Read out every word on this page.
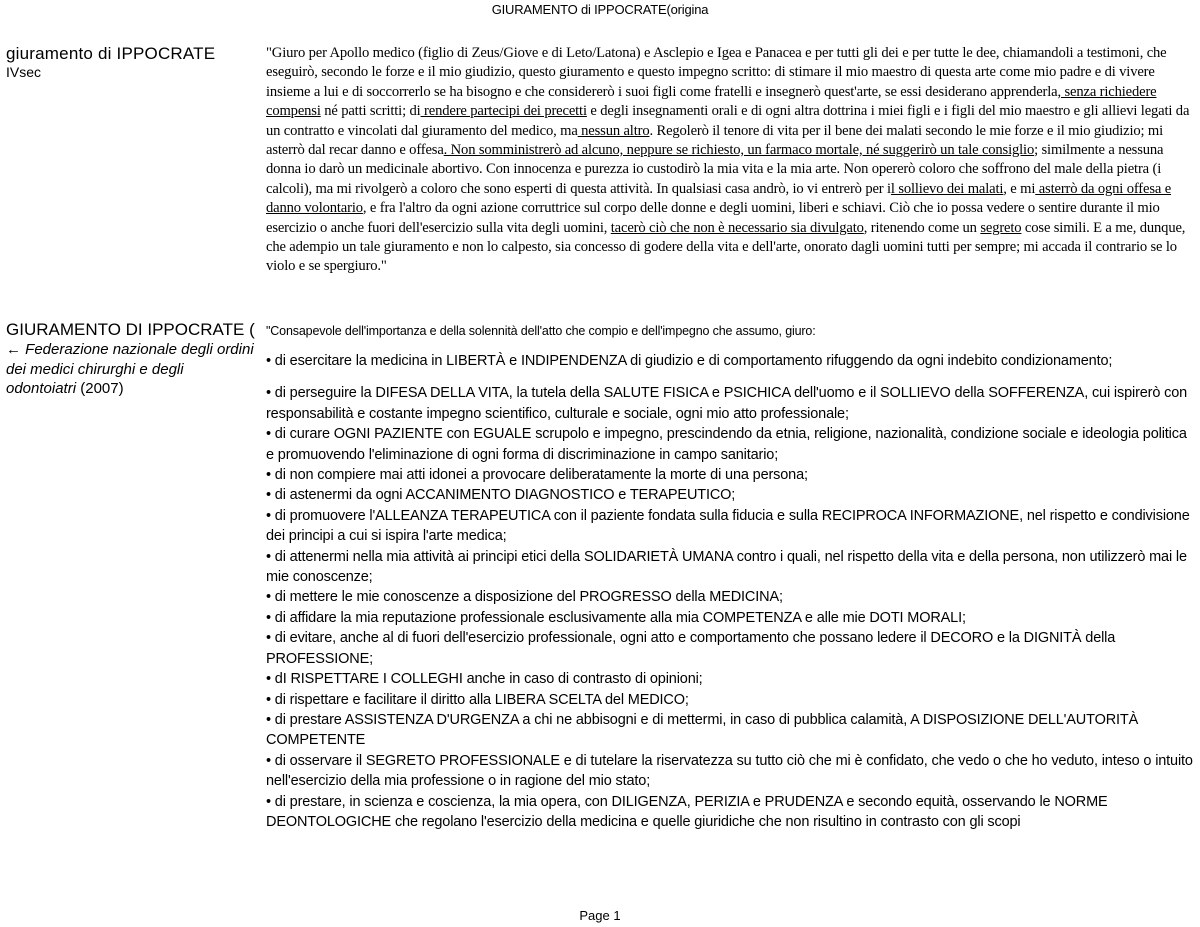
GIURAMENTO di IPPOCRATE(origina
giuramento di IPPOCRATE
IVsec
"Giuro per Apollo medico (figlio di Zeus/Giove e di Leto/Latona) e Asclepio e Igea e Panacea e per tutti gli dei e per tutte le dee, chiamandoli a testimoni, che eseguirò, secondo le forze e il mio giudizio, questo giuramento e questo impegno scritto: di stimare il mio maestro di questa arte come mio padre e di vivere insieme a lui e di soccorrerlo se ha bisogno e che considererò i suoi figli come fratelli e insegnerò quest'arte, se essi desiderano apprenderla, senza richiedere compensi né patti scritti; di rendere partecipi dei precetti e degli insegnamenti orali e di ogni altra dottrina i miei figli e i figli del mio maestro e gli allievi legati da un contratto e vincolati dal giuramento del medico, ma nessun altro. Regolerò il tenore di vita per il bene dei malati secondo le mie forze e il mio giudizio; mi asterrò dal recar danno e offesa. Non somministrerò ad alcuno, neppure se richiesto, un farmaco mortale, né suggerirò un tale consiglio; similmente a nessuna donna io darò un medicinale abortivo. Con innocenza e purezza io custodirò la mia vita e la mia arte. Non opererò coloro che soffrono del male della pietra (i calcoli), ma mi rivolgerò a coloro che sono esperti di questa attività. In qualsiasi casa andrò, io vi entrerò per il sollievo dei malati, e mi asterrò da ogni offesa e danno volontario, e fra l'altro da ogni azione corruttrice sul corpo delle donne e degli uomini, liberi e schiavi. Ciò che io possa vedere o sentire durante il mio esercizio o anche fuori dell'esercizio sulla vita degli uomini, tacerò ciò che non è necessario sia divulgato, ritenendo come un segreto cose simili. E a me, dunque, che adempio un tale giuramento e non lo calpesto, sia concesso di godere della vita e dell'arte, onorato dagli uomini tutti per sempre; mi accada il contrario se lo violo e se spergiuro."
GIURAMENTO DI IPPOCRATE (
← Federazione nazionale degli ordini dei medici chirurghi e degli odontoiatri (2007)

"Consapevole dell'importanza e della solennità dell'atto che compio e dell'impegno che assumo, giuro:

• di esercitare la medicina in LIBERTÀ e INDIPENDENZA di giudizio e di comportamento rifuggendo da ogni indebito condizionamento;

• di perseguire la DIFESA DELLA VITA, la tutela della SALUTE FISICA e PSICHICA dell'uomo e il SOLLIEVO della SOFFERENZA, cui ispirerò con responsabilità e costante impegno scientifico, culturale e sociale, ogni mio atto professionale;

• di curare OGNI PAZIENTE con EGUALE scrupolo e impegno, prescindendo da etnia, religione, nazionalità, condizione sociale e ideologia politica e promuovendo l'eliminazione di ogni forma di discriminazione in campo sanitario;

• di non compiere mai atti idonei a provocare deliberatamente la morte di una persona;

• di astenermi da ogni ACCANIMENTO DIAGNOSTICO e TERAPEUTICO;

• di promuovere l'ALLEANZA TERAPEUTICA con il paziente fondata sulla fiducia e sulla RECIPROCA INFORMAZIONE, nel rispetto e condivisione dei principi a cui si ispira l'arte medica;

• di attenermi nella mia attività ai principi etici della SOLIDARIETÀ UMANA contro i quali, nel rispetto della vita e della persona, non utilizzerò mai le mie conoscenze;

• di mettere le mie conoscenze a disposizione del PROGRESSO della MEDICINA;

• di affidare la mia reputazione professionale esclusivamente alla mia COMPETENZA e alle mie DOTI MORALI;

• di evitare, anche al di fuori dell'esercizio professionale, ogni atto e comportamento che possano ledere il DECORO e la DIGNITÀ della PROFESSIONE;

• dI RISPETTARE I COLLEGHI anche in caso di contrasto di opinioni;

• di rispettare e facilitare il diritto alla LIBERA SCELTA del MEDICO;

• di prestare ASSISTENZA D'URGENZA a chi ne abbisogni e di mettermi, in caso di pubblica calamità, A DISPOSIZIONE DELL'AUTORITÀ COMPETENTE

• di osservare il SEGRETO PROFESSIONALE e di tutelare la riservatezza su tutto ciò che mi è confidato, che vedo o che ho veduto, inteso o intuito nell'esercizio della mia professione o in ragione del mio stato;

• di prestare, in scienza e coscienza, la mia opera, con DILIGENZA, PERIZIA e PRUDENZA e secondo equità, osservando le NORME DEONTOLOGICHE che regolano l'esercizio della medicina e quelle giuridiche che non risultino in contrasto con gli scopi

Page 1
